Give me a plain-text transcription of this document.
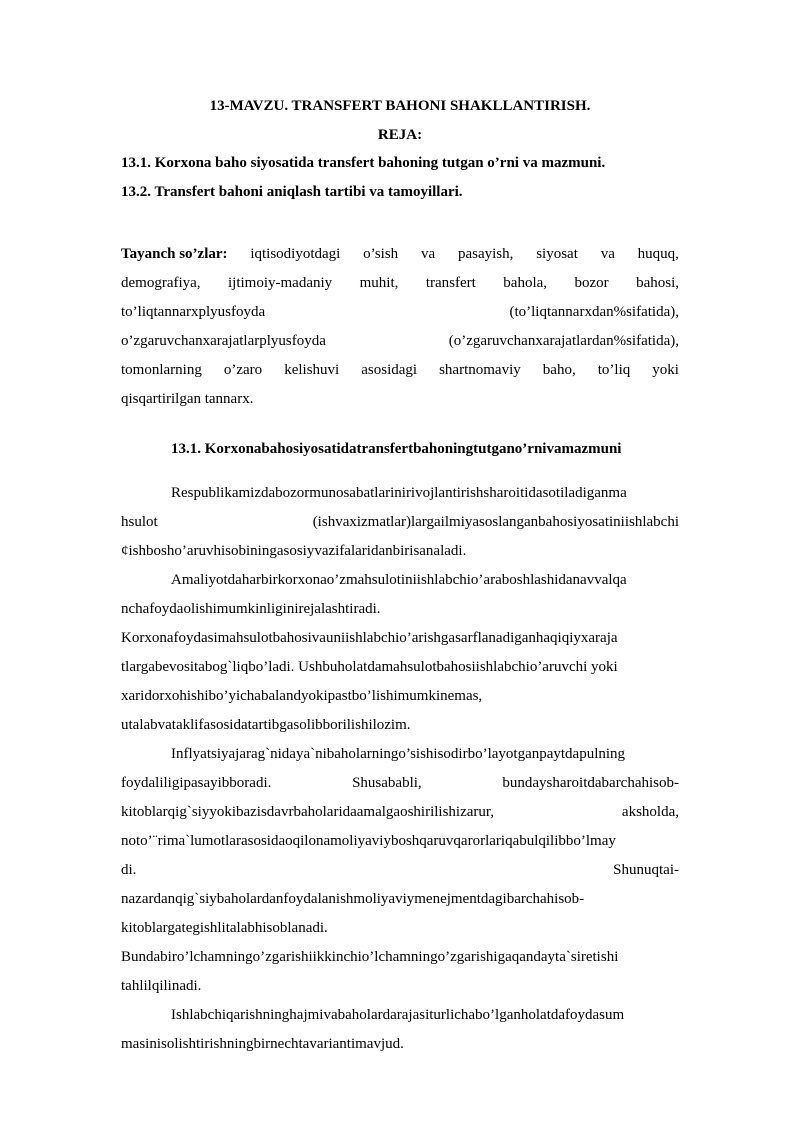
13-MAVZU. TRANSFERT BAHONI SHAKLLANTIRISH.
REJA:
13.1. Korxona baho siyosatida transfert bahoning tutgan o’rni va mazmuni.
13.2. Transfert bahoni aniqlash tartibi va tamoyillari.
Tayanch so’zlar: iqtisodiyotdagi o’sish va pasayish, siyosat va huquq,
demografiya, ijtimoiy-madaniy muhit, transfert bahola, bozor bahosi,
to’liqtannarxplyusfoyda	(to’liqtannarxdan%sifatida),
o’zgaruvchanxarajatlarplyusfoyda	(o’zgaruvchanxarajatlardan%sifatida),
tomonlarning o’zaro kelishuvi asosidagi shartnomaviy baho, to’liq yoki
qisqartirilgan tannarx.
13.1. Korxonabahosiyosatidatransfertbahoningtutgano’rnivamazmuni
Respublikamizdabozormunosabatlarinirivojlantirishsharoitidasotiladiganma
hsulot	(ishvaxizmatlar)largailmiyasoslanganbahosiyosatiniishlabchi
¢ishbosho’aruvhisobiningasosiyvazifalaridanbirisanaladi.
Amaliyotdaharbirkorxonao’zmahsulotiniishlabchio’araboshlashidanavvalqa
nchafoydaolishimumkinliginirejalashtiradi.
Korxonafoydasimahsulotbahosivauniishlabchio’arishgasarflanadiganhaqiqiyxaraja
tlargabevositabog`liqbo’ladi. Ushbuholatdamahsulotbahosiishlabchio’aruvchi yoki
xaridorxohishibo’yichabalandyokipastbo’lishimumkinemas,
utalabvataklifasosidatartibgasolibborilishilozim.
Inflyatsiyajarag`nidaya`nibaholarningo’sishisodirbo’layotganpaytdapulning
foydaliligipasayibboradi.	Shusababli,	bundaysharoitdabarchahisob-
kitoblarqig`siyyokibazisdavrbaholaridaamalgaoshirilishizarur,	aksholda,
noto’¨rima`lumotlarasosidaoqilonamoliyaviyboshqaruvqarorlariqabulqilibbo’lmay
di.	Shunuqtai-
nazardanqig`siybaholardanfoydalanishmoliyaviymenejmentdagibarchahisob-
kitoblargategishlitalabhisoblanadi.
Bundabiro’lchamningo’zgarishiikkinchio’lchamningo’zgarishigaqandayta`siretishi
tahlilqilinadi.
Ishlabchiqarishninghajmivabaholardarajasiturlichabo’lganholatdafoydasum
masinisolishtirishningbirnechtavariantimavjud.
